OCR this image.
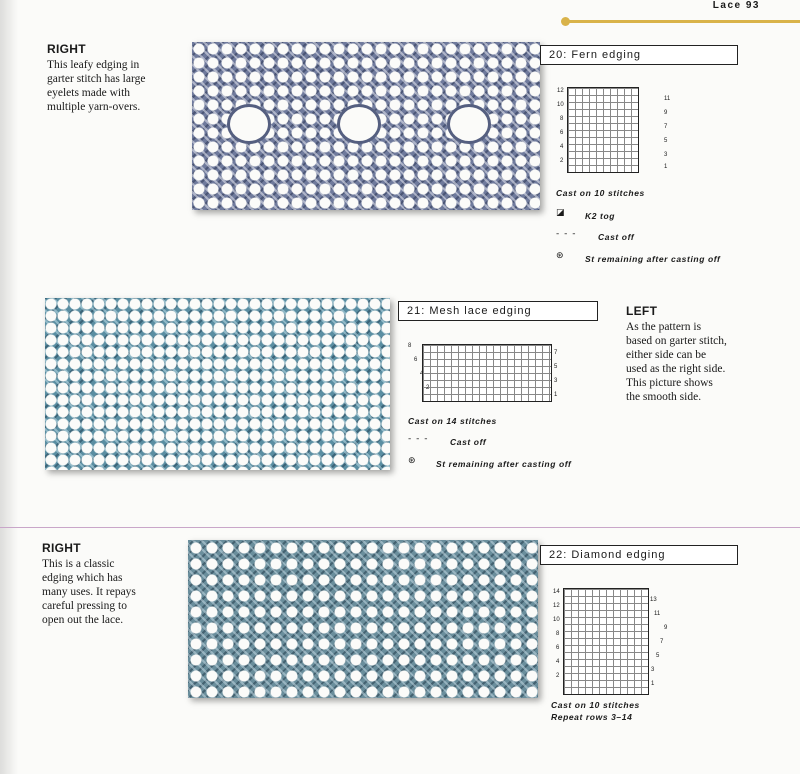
Lace 93
RIGHT
This leafy edging in
garter stitch has large
eyelets made with
multiple yarn-overs.
20: Fern edging
12
10
8
6
4
2
11
9
7
5
3
1
Cast on 10 stitches
◪ K2 tog
- - -	Cast off
⊛	St remaining after casting off
21: Mesh lace edging
8
6
4
2
7
5
3
1
Cast on 14 stitches
- - -	Cast off
⊛ St remaining after casting off
LEFT
As the pattern is
based on garter stitch,
either side can be
used as the right side.
This picture shows
the smooth side.
RIGHT
This is a classic
edging which has
many uses. It repays
careful pressing to
open out the lace.
22: Diamond edging
14
12
10
8
6
4
2
13
11
9
7
5
3
1
Cast on 10 stitches
Repeat rows 3–14
